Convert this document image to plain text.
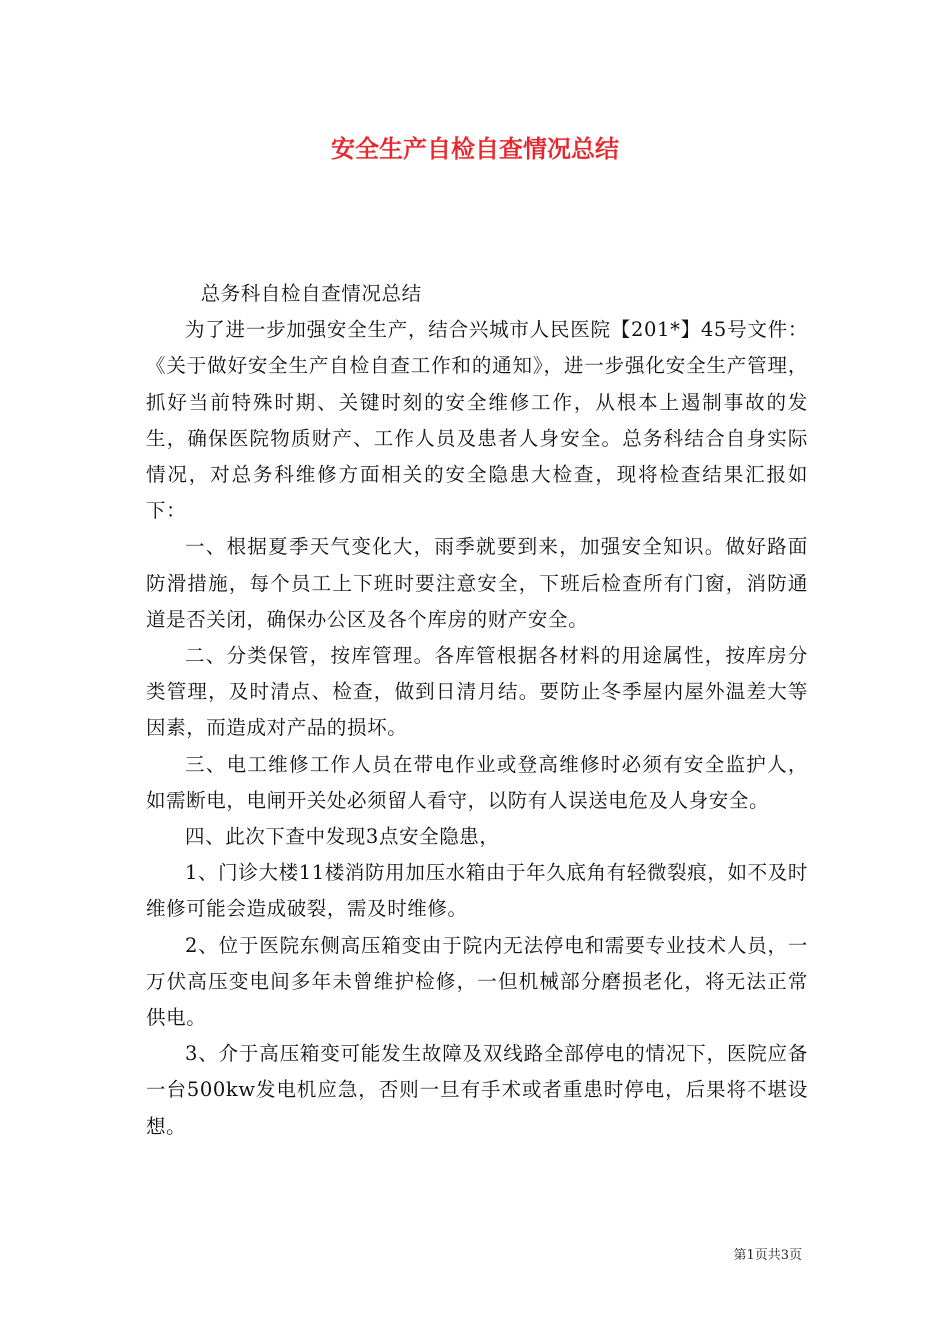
安全生产自检自查情况总结

总务科自检自查情况总结

为了进一步加强安全生产，结合兴城市人民医院【201*】45号文件：《关于做好安全生产自检自查工作和的通知》，进一步强化安全生产管理，抓好当前特殊时期、关键时刻的安全维修工作，从根本上遏制事故的发生，确保医院物质财产、工作人员及患者人身安全。总务科结合自身实际情况，对总务科维修方面相关的安全隐患大检查，现将检查结果汇报如下：

一、根据夏季天气变化大，雨季就要到来，加强安全知识。做好路面防滑措施，每个员工上下班时要注意安全，下班后检查所有门窗，消防通道是否关闭，确保办公区及各个库房的财产安全。

二、分类保管，按库管理。各库管根据各材料的用途属性，按库房分类管理，及时清点、检查，做到日清月结。要防止冬季屋内屋外温差大等因素，而造成对产品的损坏。

三、电工维修工作人员在带电作业或登高维修时必须有安全监护人，如需断电，电闸开关处必须留人看守，以防有人误送电危及人身安全。

四、此次下查中发现3点安全隐患，

1、门诊大楼11楼消防用加压水箱由于年久底角有轻微裂痕，如不及时维修可能会造成破裂，需及时维修。

2、位于医院东侧高压箱变由于院内无法停电和需要专业技术人员，一万伏高压变电间多年未曾维护检修，一但机械部分磨损老化，将无法正常供电。

3、介于高压箱变可能发生故障及双线路全部停电的情况下，医院应备一台500kw发电机应急，否则一旦有手术或者重患时停电，后果将不堪设想。

第1页共3页
